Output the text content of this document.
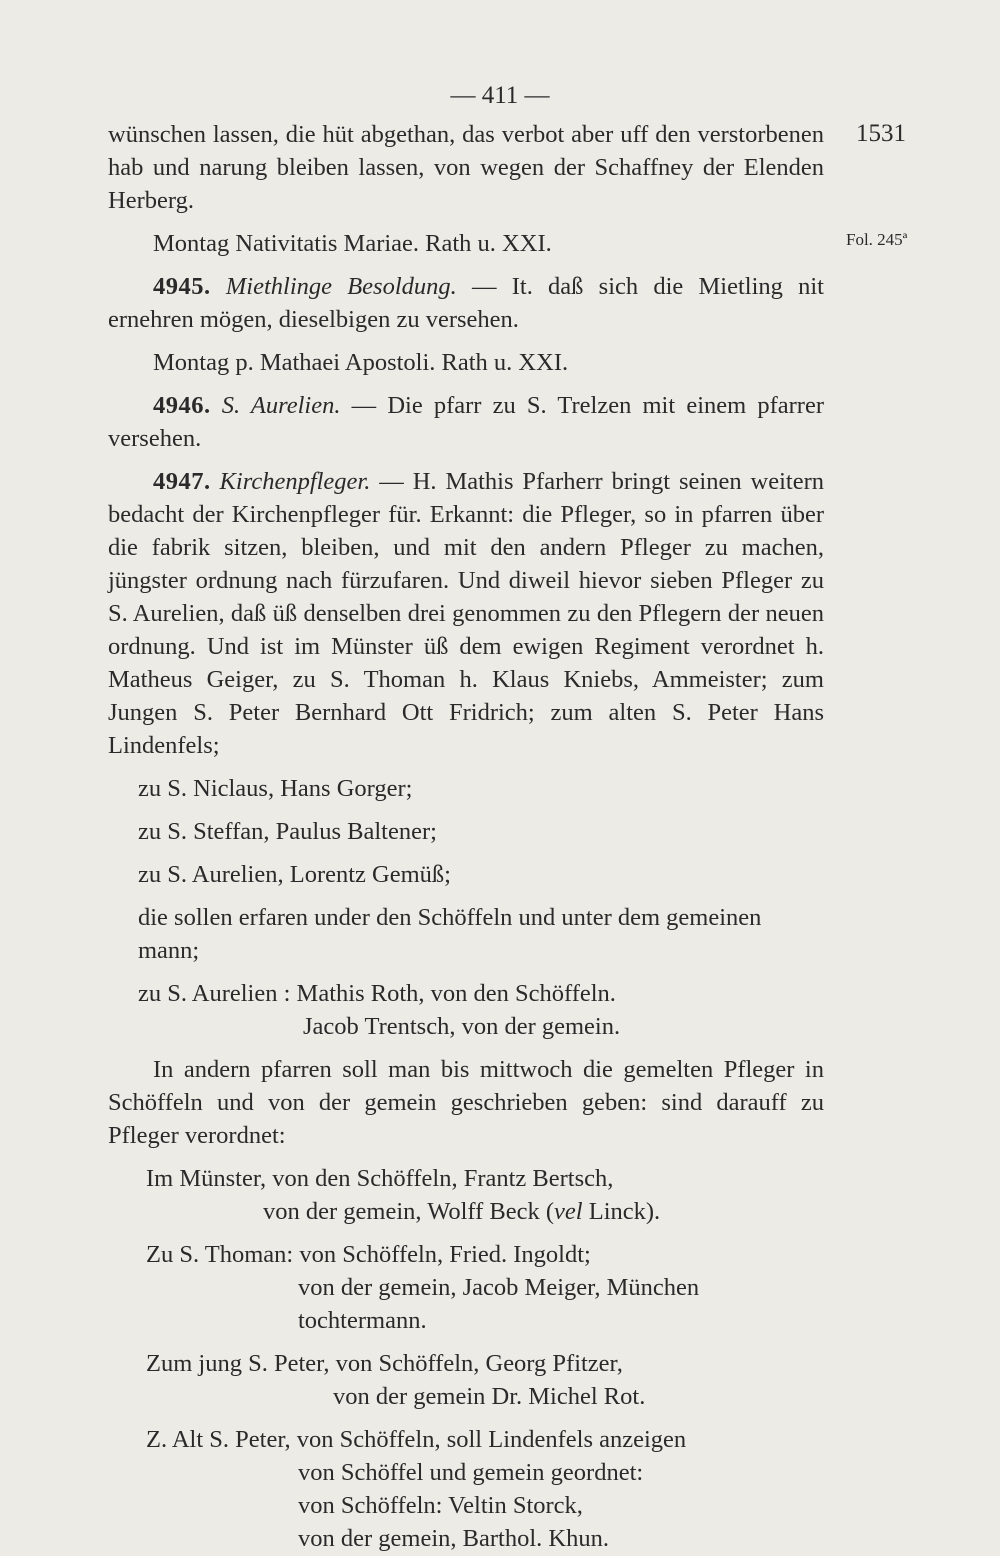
— 411 —
1531
Fol. 245ª

wünschen lassen, die hüt abgethan, das verbot aber uff den verstorbenen hab und narung bleiben lassen, von wegen der Schaffney der Elenden Herberg.

Montag Nativitatis Mariae. Rath u. XXI.

4945. Miethlinge Besoldung. — It. daß sich die Mietling nit ernehren mögen, dieselbigen zu versehen.

Montag p. Mathaei Apostoli. Rath u. XXI.

4946. S. Aurelien. — Die pfarr zu S. Trelzen mit einem pfarrer versehen.

4947. Kirchenpfleger. — H. Mathis Pfarherr bringt seinen weitern bedacht der Kirchenpfleger für. Erkannt: die Pfleger, so in pfarren über die fabrik sitzen, bleiben, und mit den andern Pfleger zu machen, jüngster ordnung nach fürzufaren. Und diweil hievor sieben Pfleger zu S. Aurelien, daß üß denselben drei genommen zu den Pflegern der neuen ordnung. Und ist im Münster üß dem ewigen Regiment verordnet h. Matheus Geiger, zu S. Thoman h. Klaus Kniebs, Ammeister; zum Jungen S. Peter Bernhard Ott Fridrich; zum alten S. Peter Hans Lindenfels;

zu S. Niclaus, Hans Gorger;

zu S. Steffan, Paulus Baltener;

zu S. Aurelien, Lorentz Gemüß;

die sollen erfaren under den Schöffeln und unter dem gemeinen mann;

zu S. Aurelien : Mathis Roth, von den Schöffeln.

Jacob Trentsch, von der gemein.

In andern pfarren soll man bis mittwoch die gemelten Pfleger in Schöffeln und von der gemein geschrieben geben: sind darauff zu Pfleger verordnet:

Im Münster, von den Schöffeln, Frantz Bertsch,

von der gemein, Wolff Beck (vel Linck).

Zu S. Thoman: von Schöffeln, Fried. Ingoldt;

von der gemein, Jacob Meiger, München tochtermann.

Zum jung S. Peter, von Schöffeln, Georg Pfitzer,

von der gemein Dr. Michel Rot.

Z. Alt S. Peter, von Schöffeln, soll Lindenfels anzeigen

von Schöffel und gemein geordnet:

von Schöffeln: Veltin Storck,

von der gemein, Barthol. Khun.
